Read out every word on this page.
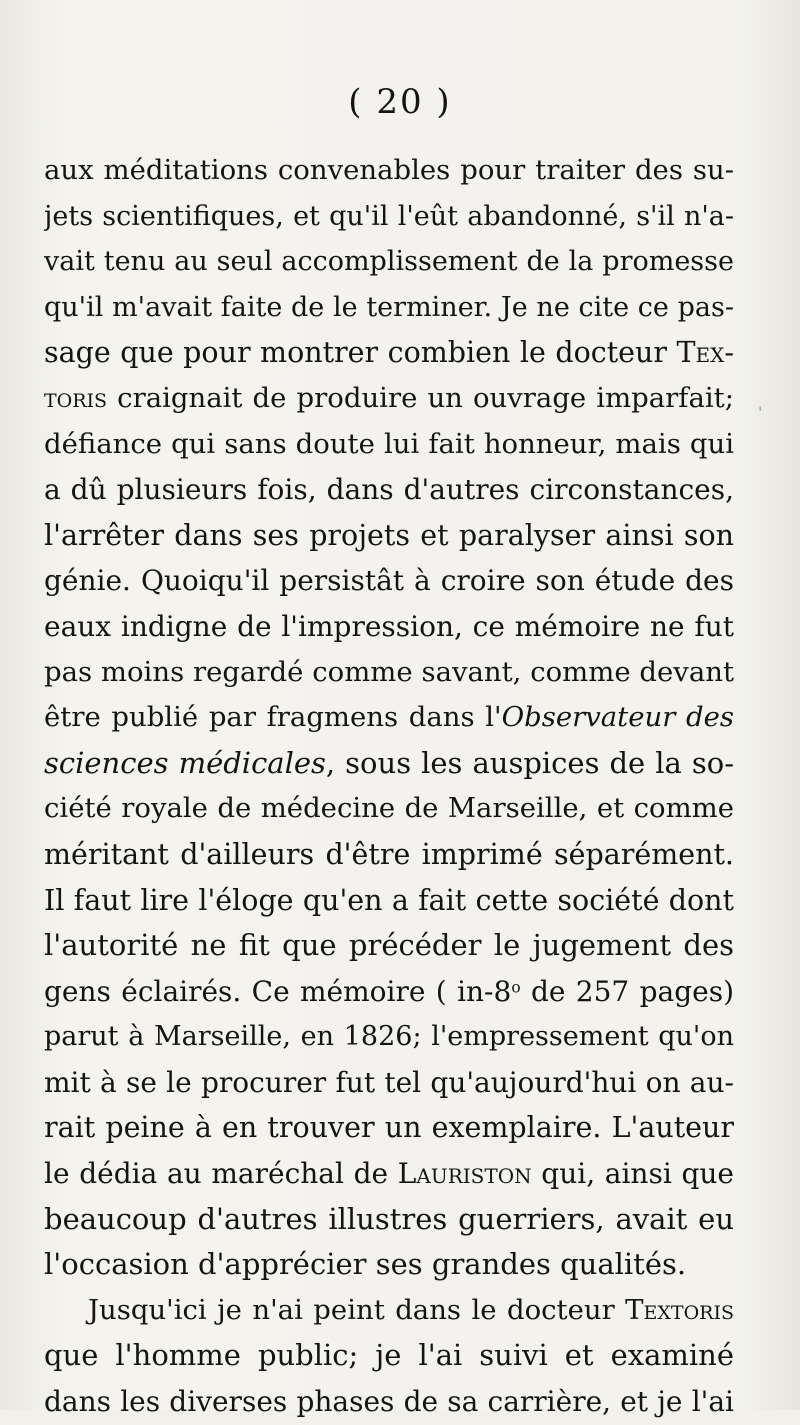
( 20 )
aux méditations convenables pour traiter des su-
jets scientifiques, et qu'il l'eût abandonné, s'il n'a-
vait tenu au seul accomplissement de la promesse
qu'il m'avait faite de le terminer. Je ne cite ce pas-
sage que pour montrer combien le docteur Tex-
toris craignait de produire un ouvrage imparfait;
défiance qui sans doute lui fait honneur, mais qui
a dû plusieurs fois, dans d'autres circonstances,
l'arrêter dans ses projets et paralyser ainsi son
génie. Quoiqu'il persistât à croire son étude des
eaux indigne de l'impression, ce mémoire ne fut
pas moins regardé comme savant, comme devant
être publié par fragmens dans l'Observateur des
sciences médicales, sous les auspices de la so-
ciété royale de médecine de Marseille, et comme
méritant d'ailleurs d'être imprimé séparément.
Il faut lire l'éloge qu'en a fait cette société dont
l'autorité ne fit que précéder le jugement des
gens éclairés. Ce mémoire ( in-8$^o$ de 257 pages)
parut à Marseille, en 1826; l'empressement qu'on
mit à se le procurer fut tel qu'aujourd'hui on au-
rait peine à en trouver un exemplaire. L'auteur
le dédia au maréchal de Lauriston qui, ainsi que
beaucoup d'autres illustres guerriers, avait eu
l'occasion d'apprécier ses grandes qualités.
Jusqu'ici je n'ai peint dans le docteur Textoris
que l'homme public; je l'ai suivi et examiné
dans les diverses phases de sa carrière, et je l'ai
'
